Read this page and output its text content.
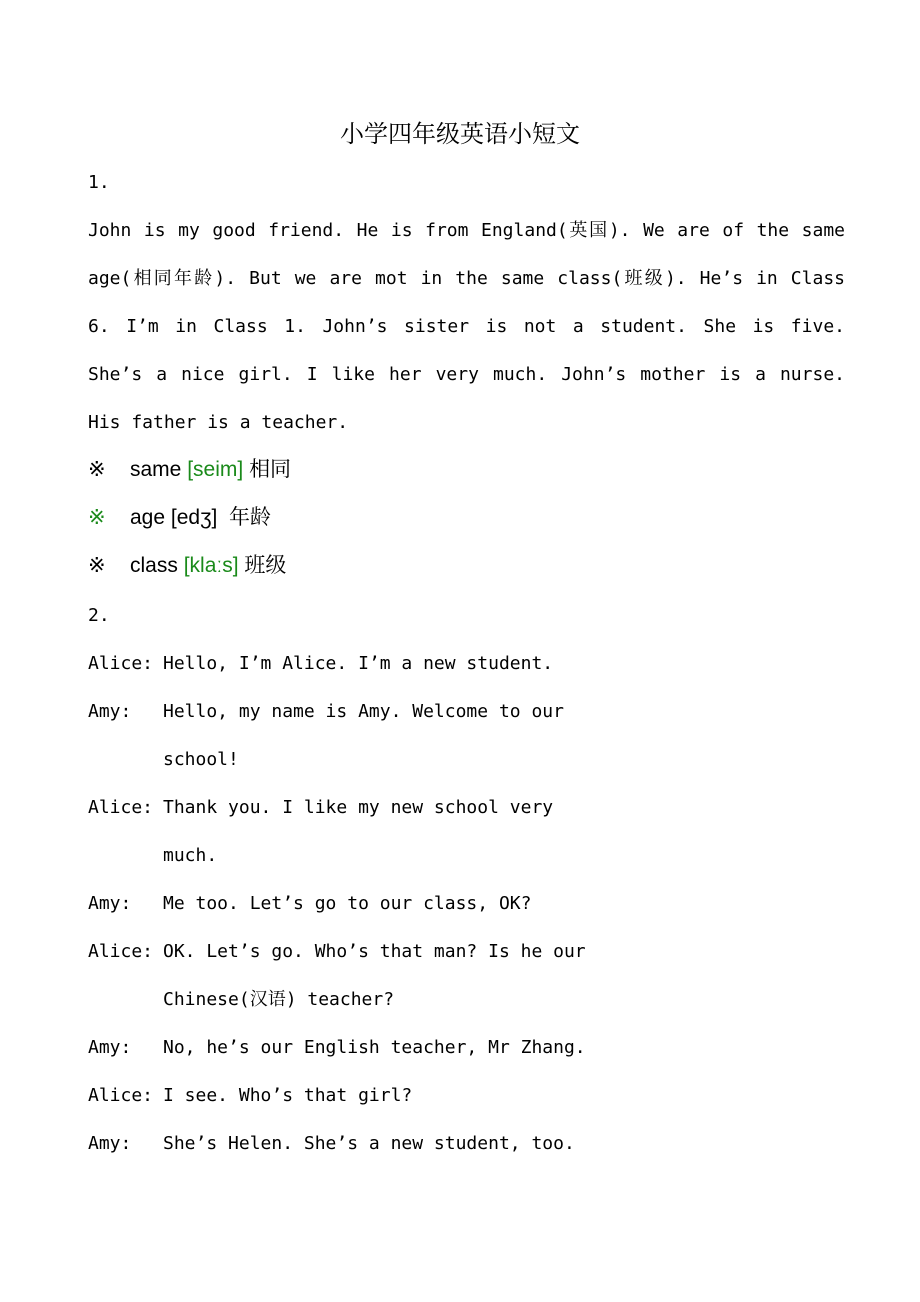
小学四年级英语小短文
1.
John is my good friend. He is from England(英国). We are of the same
age(相同年龄). But we are mot in the same class(班级). He’s in Class
6. I’m in Class 1. John’s sister is not a student. She is five.
She’s a nice girl. I like her very much. John’s mother is a nurse.
His father is a teacher.
※ same [seim] 相同
※ age [edʒ] 年龄
※ class [klaːs] 班级
2.
Alice: Hello, I’m Alice. I’m a new student.
Amy: Hello, my name is Amy. Welcome to our
school!
Alice: Thank you. I like my new school very
much.
Amy: Me too. Let’s go to our class, OK?
Alice: OK. Let’s go. Who’s that man? Is he our
Chinese(汉语) teacher?
Amy: No, he’s our English teacher, Mr Zhang.
Alice: I see. Who’s that girl?
Amy: She’s Helen. She’s a new student, too.
